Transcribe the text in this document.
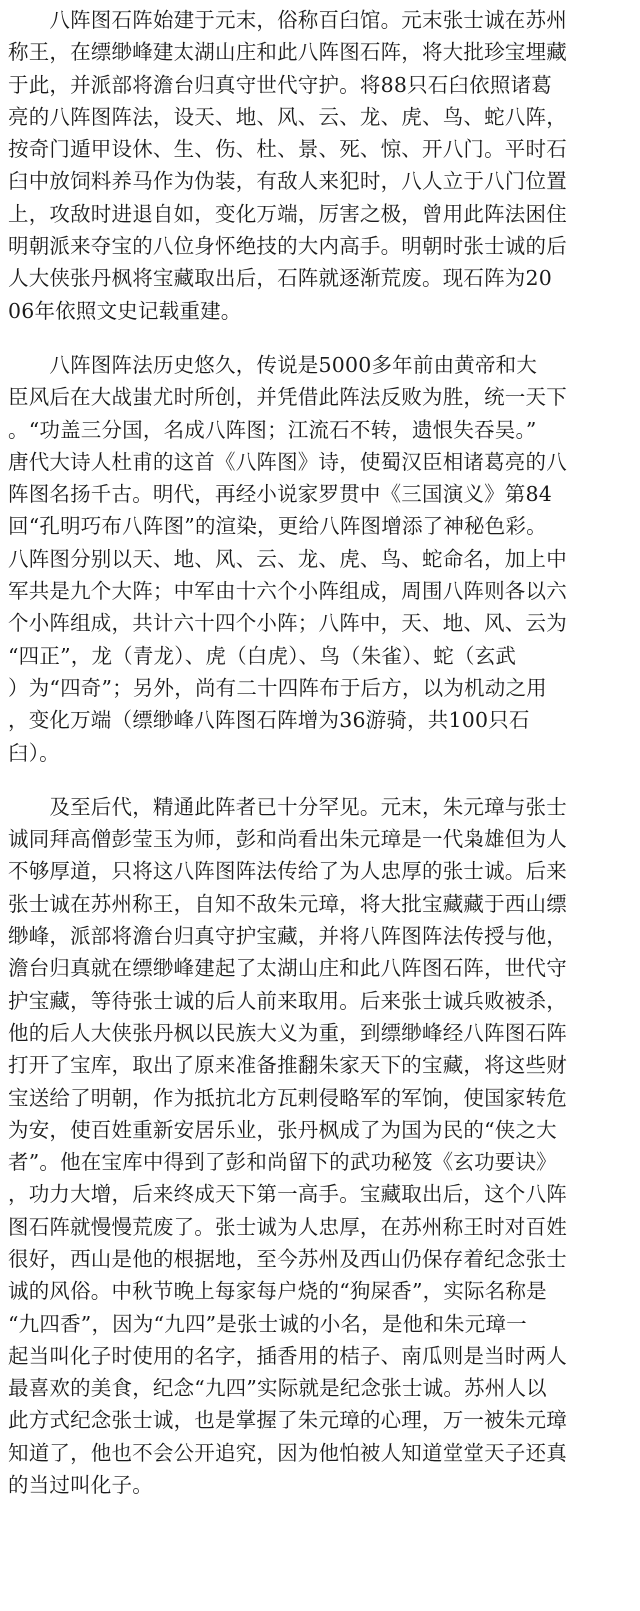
　　八阵图石阵始建于元末，俗称百臼馆。元末张士诚在苏州
称王，在缥缈峰建太湖山庄和此八阵图石阵，将大批珍宝埋藏
于此，并派部将澹台归真守世代守护。将88只石臼依照诸葛
亮的八阵图阵法，设天、地、风、云、龙、虎、鸟、蛇八阵，
按奇门遁甲设休、生、伤、杜、景、死、惊、开八门。平时石
臼中放饲料养马作为伪装，有敌人来犯时，八人立于八门位置
上，攻敌时进退自如，变化万端，厉害之极，曾用此阵法困住
明朝派来夺宝的八位身怀绝技的大内高手。明朝时张士诚的后
人大侠张丹枫将宝藏取出后，石阵就逐渐荒废。现石阵为20
06年依照文史记载重建。
　　八阵图阵法历史悠久，传说是5000多年前由黄帝和大
臣风后在大战蚩尤时所创，并凭借此阵法反败为胜，统一天下
。“功盖三分国，名成八阵图；江流石不转，遗恨失吞吴。”
唐代大诗人杜甫的这首《八阵图》诗，使蜀汉臣相诸葛亮的八
阵图名扬千古。明代，再经小说家罗贯中《三国演义》第84
回“孔明巧布八阵图”的渲染，更给八阵图增添了神秘色彩。
八阵图分别以天、地、风、云、龙、虎、鸟、蛇命名，加上中
军共是九个大阵；中军由十六个小阵组成，周围八阵则各以六
个小阵组成，共计六十四个小阵；八阵中，天、地、风、云为
“四正”，龙（青龙）、虎（白虎）、鸟（朱雀）、蛇（玄武
）为“四奇”；另外，尚有二十四阵布于后方，以为机动之用
，变化万端（缥缈峰八阵图石阵增为36游骑，共100只石
臼）。
　　及至后代，精通此阵者已十分罕见。元末，朱元璋与张士
诚同拜高僧彭莹玉为师，彭和尚看出朱元璋是一代枭雄但为人
不够厚道，只将这八阵图阵法传给了为人忠厚的张士诚。后来
张士诚在苏州称王，自知不敌朱元璋，将大批宝藏藏于西山缥
缈峰，派部将澹台归真守护宝藏，并将八阵图阵法传授与他，
澹台归真就在缥缈峰建起了太湖山庄和此八阵图石阵，世代守
护宝藏，等待张士诚的后人前来取用。后来张士诚兵败被杀，
他的后人大侠张丹枫以民族大义为重，到缥缈峰经八阵图石阵
打开了宝库，取出了原来准备推翻朱家天下的宝藏，将这些财
宝送给了明朝，作为抵抗北方瓦剌侵略军的军饷，使国家转危
为安，使百姓重新安居乐业，张丹枫成了为国为民的“侠之大
者”。他在宝库中得到了彭和尚留下的武功秘笈《玄功要诀》
，功力大增，后来终成天下第一高手。宝藏取出后，这个八阵
图石阵就慢慢荒废了。张士诚为人忠厚，在苏州称王时对百姓
很好，西山是他的根据地，至今苏州及西山仍保存着纪念张士
诚的风俗。中秋节晚上每家每户烧的“狗屎香”，实际名称是
“九四香”，因为“九四”是张士诚的小名，是他和朱元璋一
起当叫化子时使用的名字，插香用的桔子、南瓜则是当时两人
最喜欢的美食，纪念“九四”实际就是纪念张士诚。苏州人以
此方式纪念张士诚，也是掌握了朱元璋的心理，万一被朱元璋
知道了，他也不会公开追究，因为他怕被人知道堂堂天子还真
的当过叫化子。
